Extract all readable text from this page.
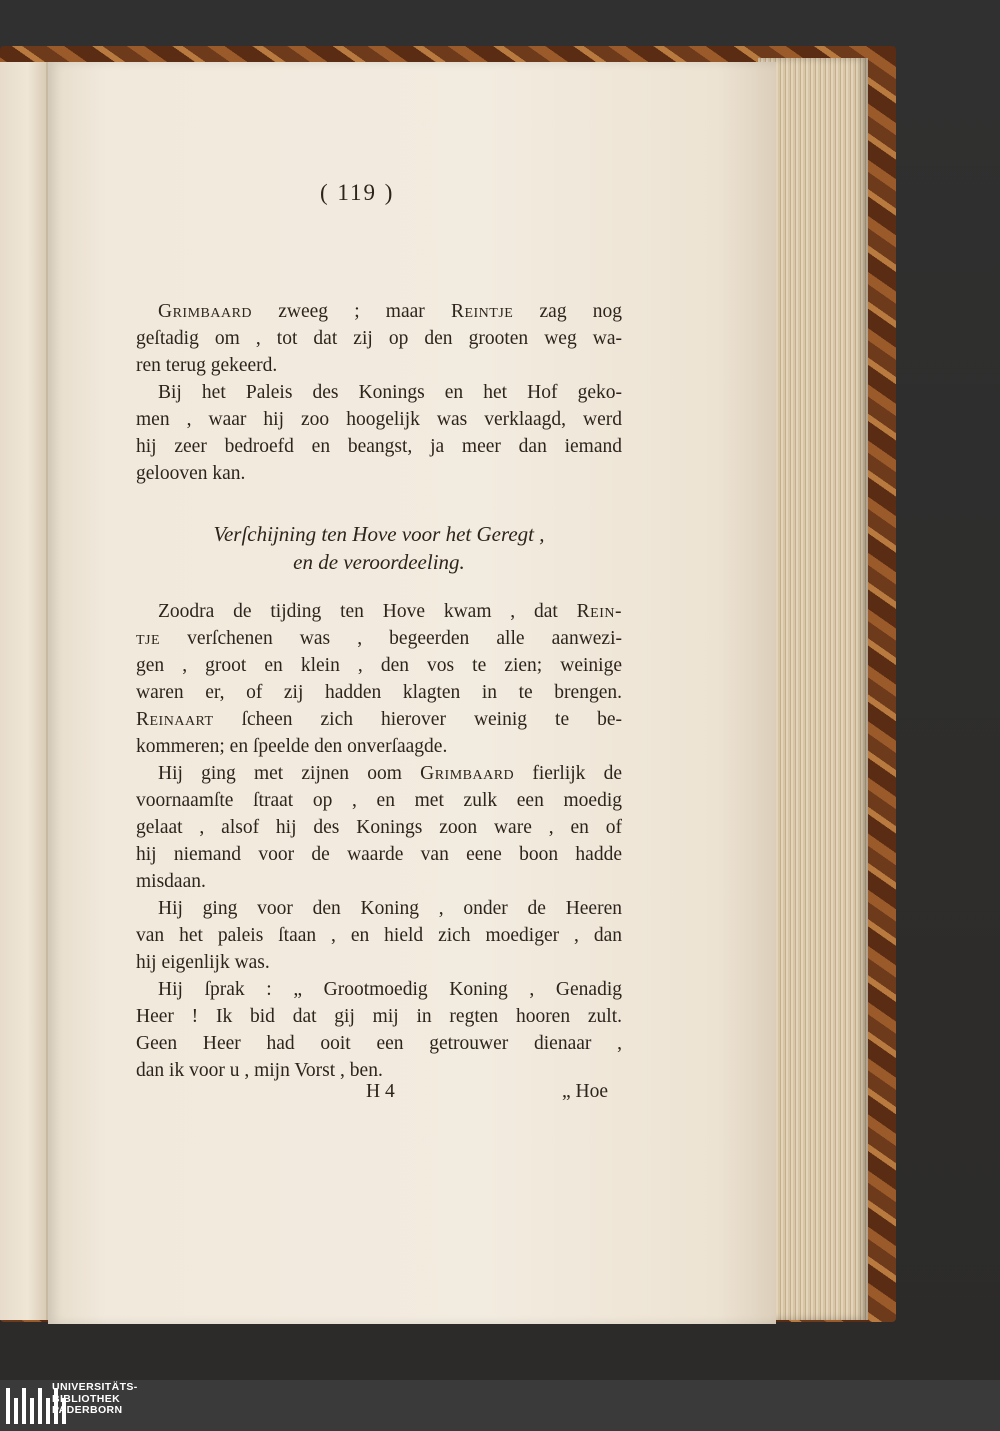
( 119 )
Grimbaard zweeg ; maar Reintje zag nog
geſtadig om , tot dat zij op den grooten weg wa-
ren terug gekeerd.
Bij het Paleis des Konings en het Hof geko-
men , waar hij zoo hoogelijk was verklaagd, werd
hij zeer bedroefd en beangst, ja meer dan iemand
gelooven kan.
Verſchijning ten Hove voor het Geregt ,
en de veroordeeling.
Zoodra de tijding ten Hove kwam , dat Rein-
tje verſchenen was , begeerden alle aanwezi-
gen , groot en klein , den vos te zien; weinige
waren er, of zij hadden klagten in te brengen.
Reinaart ſcheen zich hierover weinig te be-
kommeren; en ſpeelde den onverſaagde.
Hij ging met zijnen oom Grimbaard fierlijk de
voornaamſte ſtraat op , en met zulk een moedig
gelaat , alsof hij des Konings zoon ware , en of
hij niemand voor de waarde van eene boon hadde
misdaan.
Hij ging voor den Koning , onder de Heeren
van het paleis ſtaan , en hield zich moediger , dan
hij eigenlijk was.
Hij ſprak : „ Grootmoedig Koning , Genadig
Heer ! Ik bid dat gij mij in regten hooren zult.
Geen Heer had ooit een getrouwer dienaar ,
dan ik voor u , mijn Vorst , ben.
H 4	„ Hoe
UNIVERSITÄTS-
BIBLIOTHEK
PADERBORN
